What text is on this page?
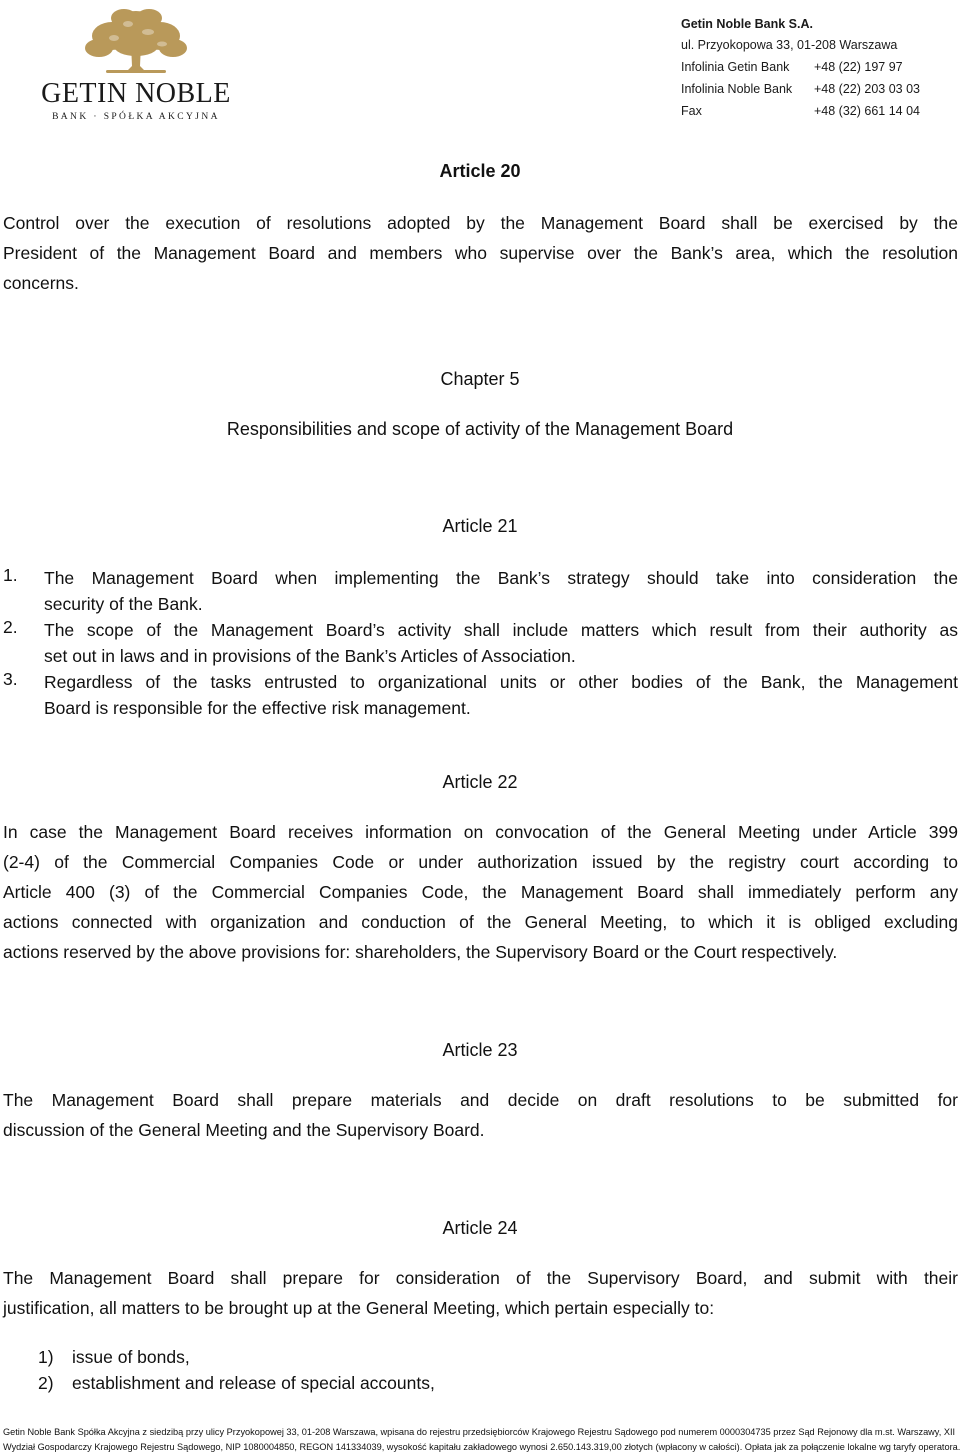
GETIN NOBLE
BANK · SPÓŁKA AKCYJNA
Getin Noble Bank S.A.
ul. Przyokopowa 33, 01-208 Warszawa
Infolinia Getin Bank +48 (22) 197 97
Infolinia Noble Bank +48 (22) 203 03 03
Fax	+48 (32) 661 14 04
Article 20
Control over the execution of resolutions adopted by the Management Board shall be exercised by the
President of the Management Board and members who supervise over the Bank’s area, which the resolution
concerns.
Chapter 5
Responsibilities and scope of activity of the Management Board
Article 21
1. The Management Board when implementing the Bank’s strategy should take into consideration the
security of the Bank.
2. The scope of the Management Board’s activity shall include matters which result from their authority as
set out in laws and in provisions of the Bank’s Articles of Association.
3. Regardless of the tasks entrusted to organizational units or other bodies of the Bank, the Management
Board is responsible for the effective risk management.
Article 22
In case the Management Board receives information on convocation of the General Meeting under Article 399
(2-4) of the Commercial Companies Code or under authorization issued by the registry court according to
Article 400 (3) of the Commercial Companies Code, the Management Board shall immediately perform any
actions connected with organization and conduction of the General Meeting, to which it is obliged excluding
actions reserved by the above provisions for: shareholders, the Supervisory Board or the Court respectively.
Article 23
The Management Board shall prepare materials and decide on draft resolutions to be submitted for
discussion of the General Meeting and the Supervisory Board.
Article 24
The Management Board shall prepare for consideration of the Supervisory Board, and submit with their
justification, all matters to be brought up at the General Meeting, which pertain especially to:
1) issue of bonds,
2) establishment and release of special accounts,
Getin Noble Bank Spółka Akcyjna z siedzibą przy ulicy Przyokopowej 33, 01-208 Warszawa, wpisana do rejestru przedsiębiorców Krajowego Rejestru Sądowego pod numerem 0000304735 przez Sąd Rejonowy dla m.st. Warszawy, XII
Wydział Gospodarczy Krajowego Rejestru Sądowego, NIP 1080004850, REGON 141334039, wysokość kapitału zakładowego wynosi 2.650.143.319,00 złotych (wpłacony w całości). Opłata jak za połączenie lokalne wg taryfy operatora.
